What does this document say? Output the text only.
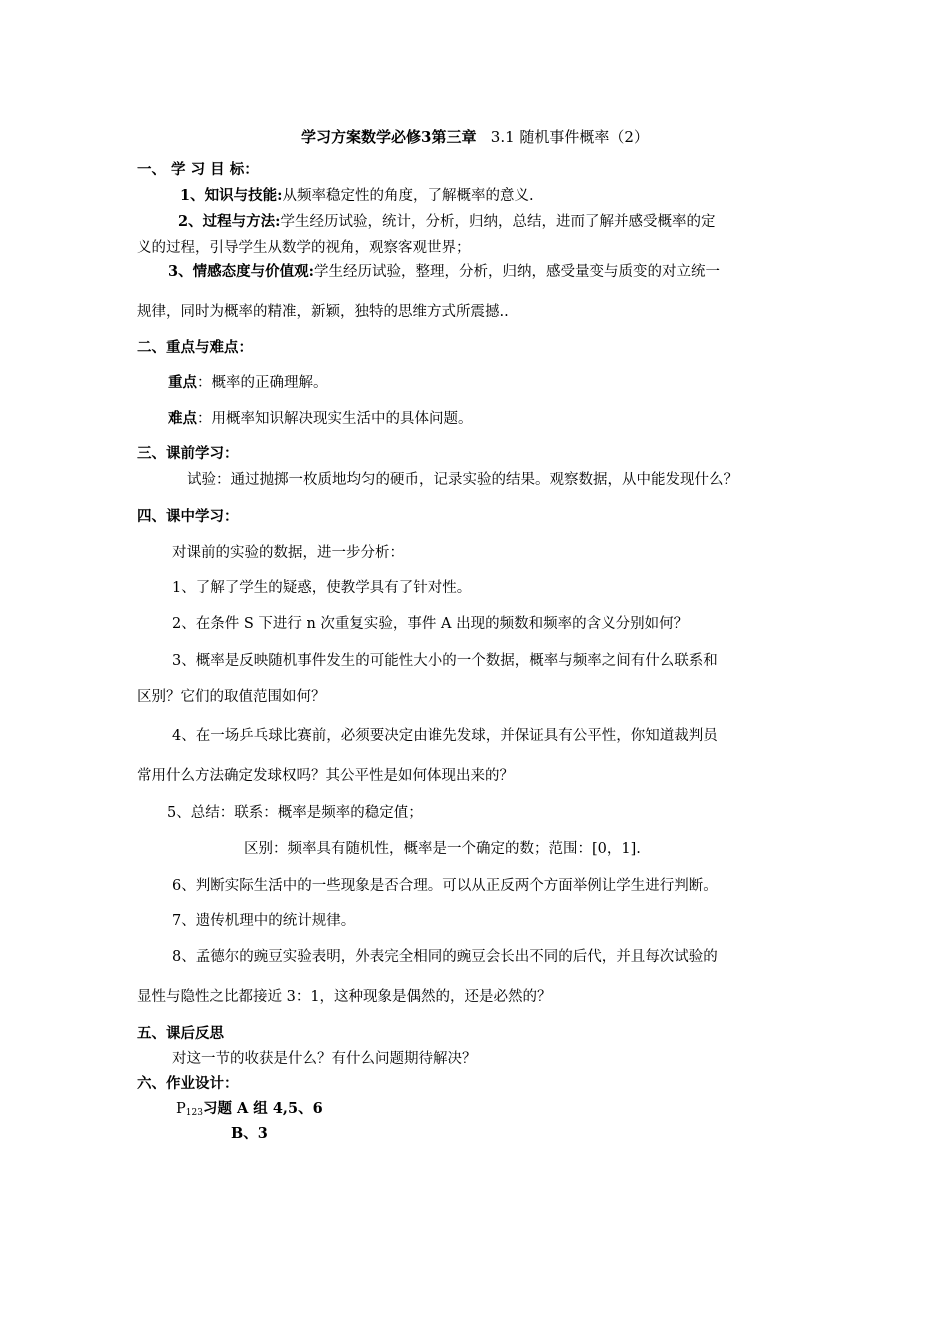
学习方案数学必修3第三章 3.1 随机事件概率（2）
一、 学 习 目 标：
1、知识与技能:从频率稳定性的角度，了解概率的意义.
2、过程与方法:学生经历试验，统计，分析，归纳，总结，进而了解并感受概率的定
义的过程，引导学生从数学的视角，观察客观世界；
3、情感态度与价值观:学生经历试验，整理，分析，归纳，感受量变与质变的对立统一
规律，同时为概率的精准，新颖，独特的思维方式所震撼..
二、重点与难点：
重点：概率的正确理解。
难点：用概率知识解决现实生活中的具体问题。
三、课前学习：
试验：通过抛掷一枚质地均匀的硬币，记录实验的结果。观察数据，从中能发现什么？
四、课中学习：
对课前的实验的数据，进一步分析：
1、了解了学生的疑惑，使教学具有了针对性。
2、在条件 S 下进行 n 次重复实验，事件 A 出现的频数和频率的含义分别如何？
3、概率是反映随机事件发生的可能性大小的一个数据，概率与频率之间有什么联系和
区别？它们的取值范围如何？
4、在一场乒乓球比赛前，必须要决定由谁先发球，并保证具有公平性，你知道裁判员
常用什么方法确定发球权吗？其公平性是如何体现出来的？
5、总结：联系：概率是频率的稳定值；
区别：频率具有随机性，概率是一个确定的数；范围：[0，1].
6、判断实际生活中的一些现象是否合理。可以从正反两个方面举例让学生进行判断。
7、遗传机理中的统计规律。
8、孟德尔的豌豆实验表明，外表完全相同的豌豆会长出不同的后代，并且每次试验的
显性与隐性之比都接近 3：1，这种现象是偶然的，还是必然的？
五、课后反思
对这一节的收获是什么？有什么问题期待解决？
六、作业设计：
$P_{123}$习题 A 组 4,5、6
B、3
